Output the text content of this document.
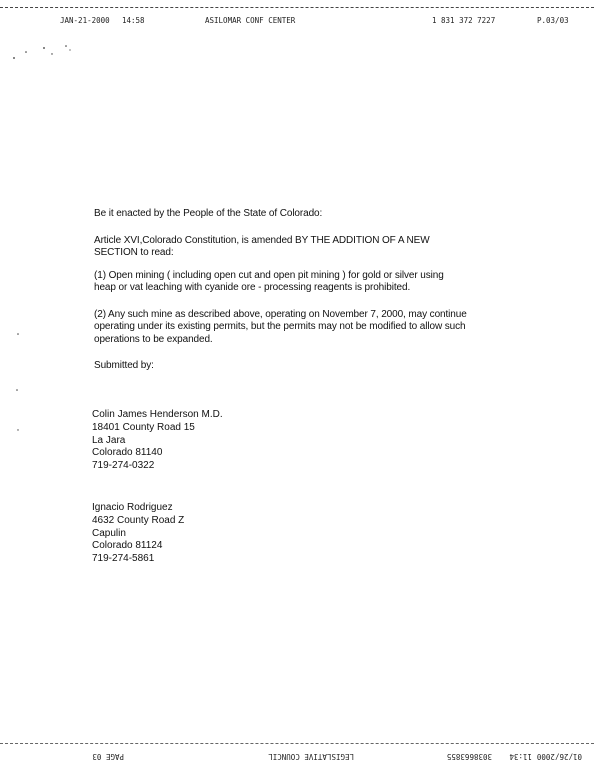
JAN-21-2000 14:58	ASILOMAR CONF CENTER	1 831 372 7227	P.03/03

Be it enacted by the People of the State of Colorado:

Article XVI,Colorado Constitution, is amended BY THE ADDITION OF A NEW
SECTION to read:

(1) Open mining ( including open cut and open pit mining ) for gold or silver using
heap or vat leaching with cyanide ore - processing reagents is prohibited.

(2) Any such mine as described above, operating on November 7, 2000, may continue
operating under its existing permits, but the permits may not be modified to allow such
operations to be expanded.

Submitted by:

Colin James Henderson M.D.
18401 County Road 15
La Jara
Colorado 81140
719-274-0322
Ignacio Rodriguez
4632 County Road Z
Capulin
Colorado 81124
719-274-5861
01/26/2000
11:34
3038663855
LEGISLATIVE COUNCIL
PAGE 03
